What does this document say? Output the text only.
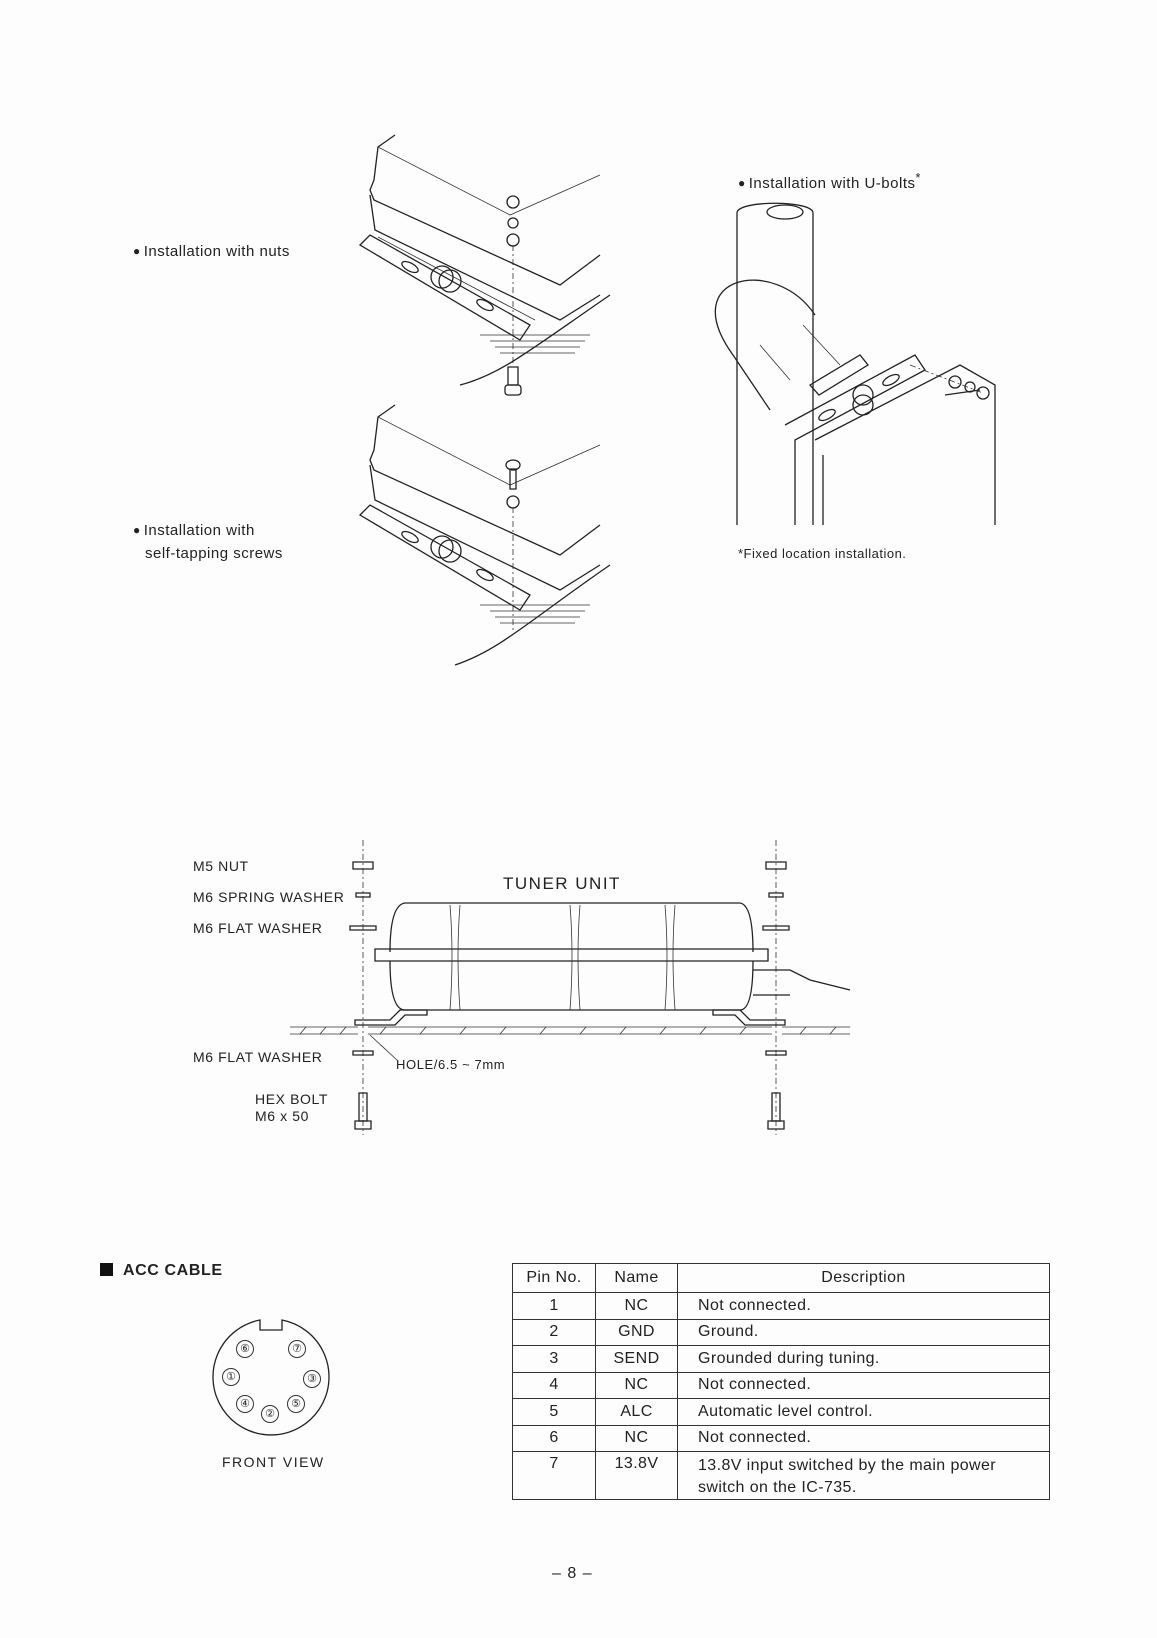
● Installation with nuts
● Installation with
self-tapping screws
● Installation with U-bolts*
*Fixed location installation.
M5 NUT
M6 SPRING WASHER
M6 FLAT WASHER
M6 FLAT WASHER
HEX BOLT
M6 x 50
HOLE/6.5 ~ 7mm
TUNER UNIT
ACC CABLE
⑥	⑦
①	③
④
②
⑤
FRONT VIEW
Pin No.	Name	Description
1	NC	Not connected.
2	GND	Ground.
3	SEND	Grounded during tuning.
4	NC	Not connected.
5	ALC	Automatic level control.
6	NC	Not connected.
7	13.8V	13.8V input switched by the main power
switch on the IC-735.
– 8 –
